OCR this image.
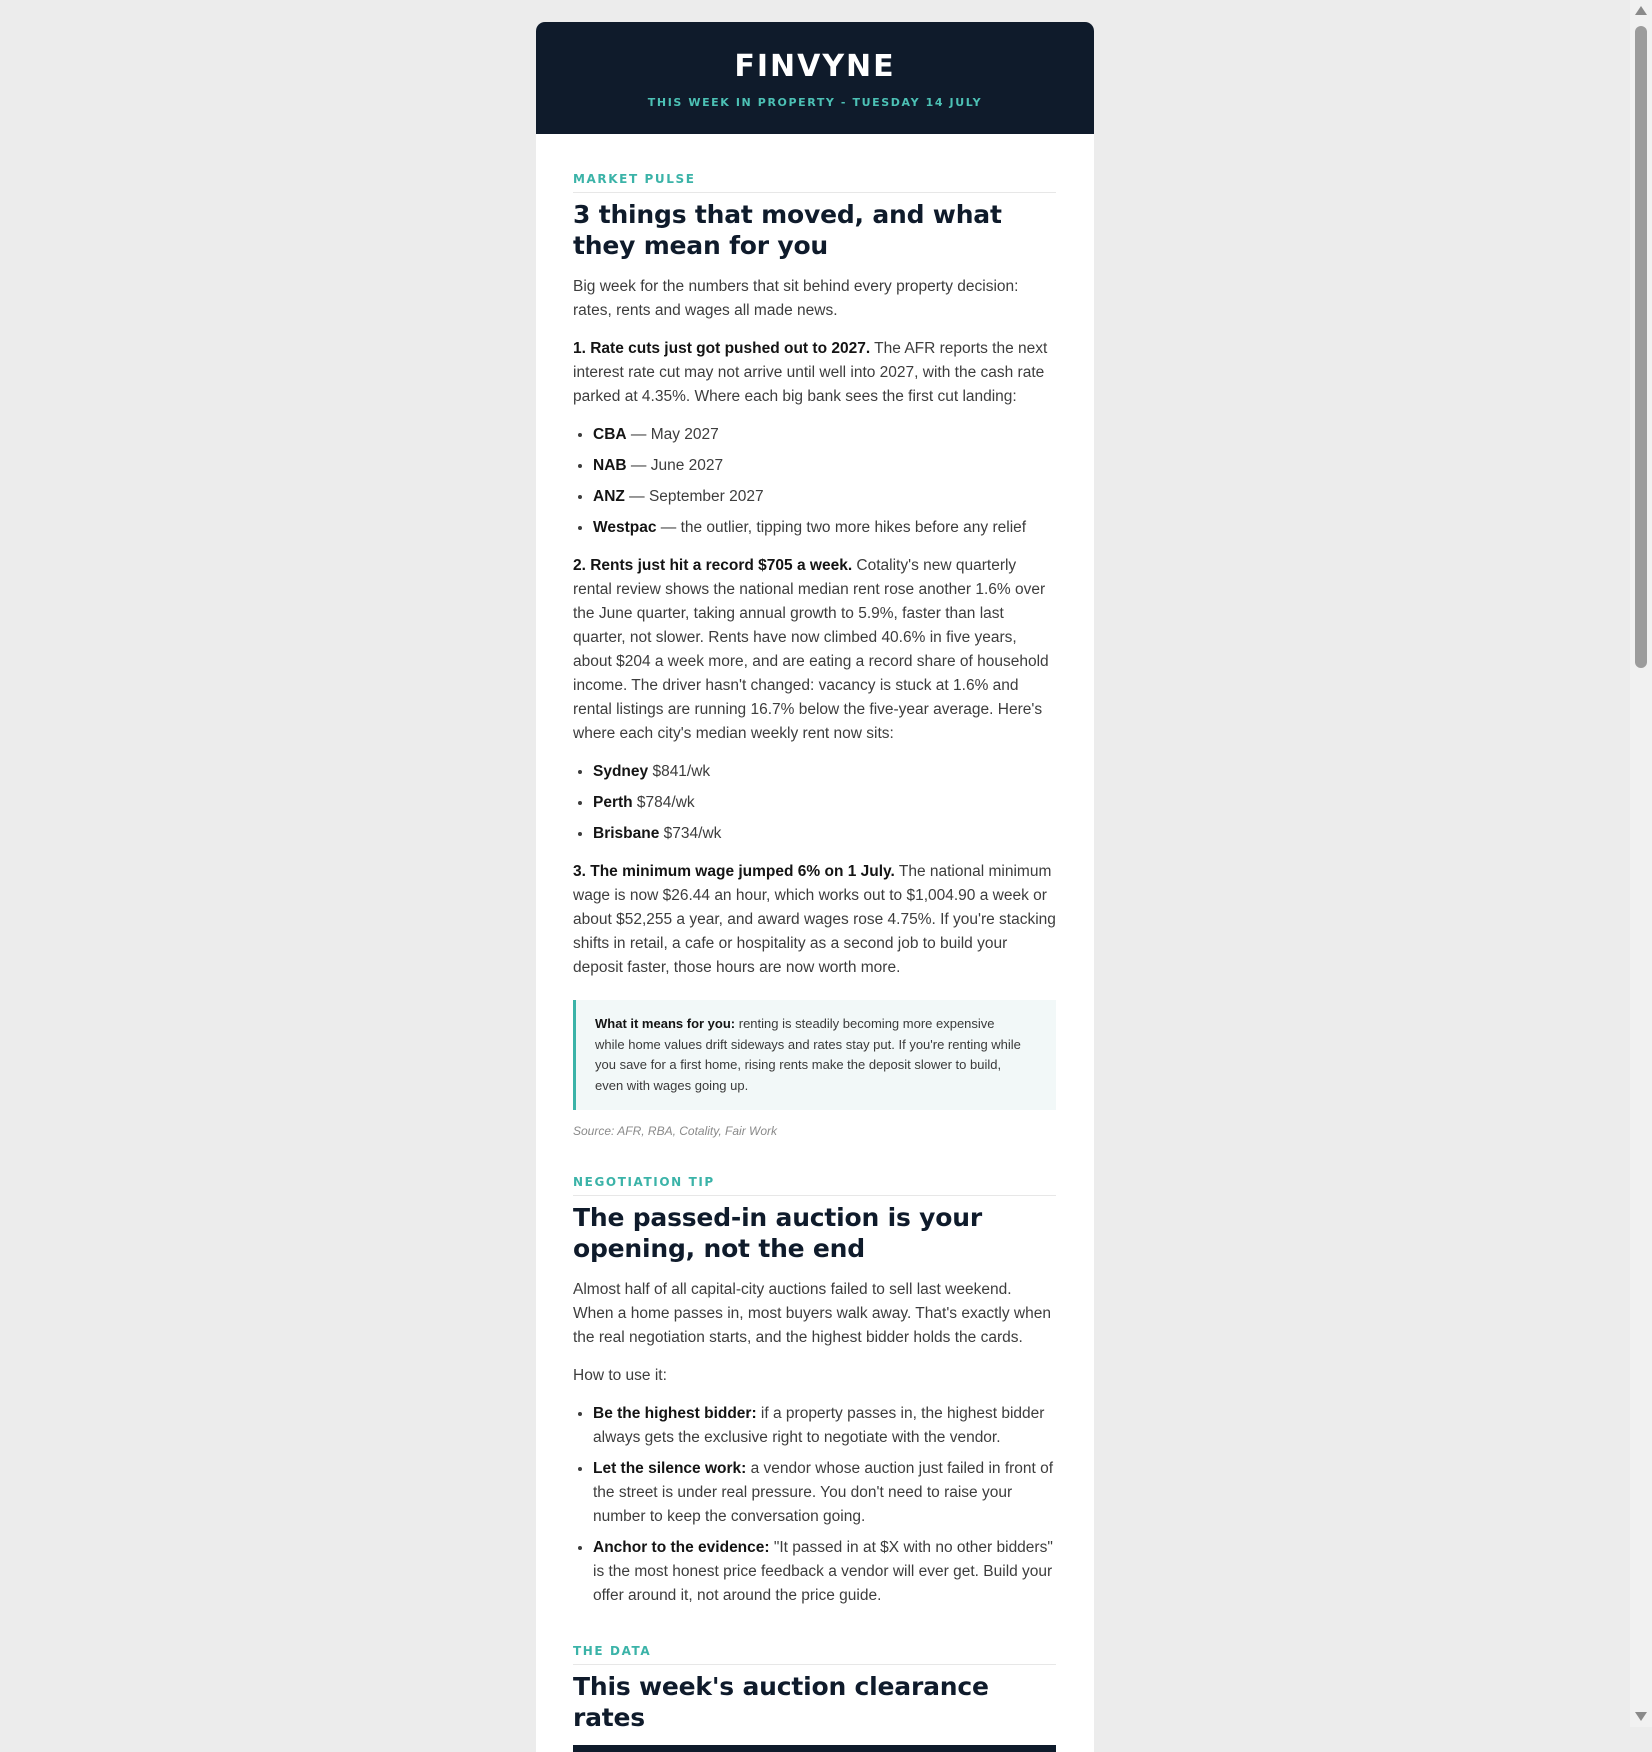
FINVYNE
THIS WEEK IN PROPERTY - TUESDAY 14 JULY
MARKET PULSE
3 things that moved, and what they mean for you

Big week for the numbers that sit behind every property decision: rates, rents and wages all made news.

1. Rate cuts just got pushed out to 2027. The AFR reports the next interest rate cut may not arrive until well into 2027, with the cash rate parked at 4.35%. Where each big bank sees the first cut landing:

• CBA — May 2027
• NAB — June 2027
• ANZ — September 2027
• Westpac — the outlier, tipping two more hikes before any relief

2. Rents just hit a record $705 a week. Cotality's new quarterly rental review shows the national median rent rose another 1.6% over the June quarter, taking annual growth to 5.9%, faster than last quarter, not slower. Rents have now climbed 40.6% in five years, about $204 a week more, and are eating a record share of household income. The driver hasn't changed: vacancy is stuck at 1.6% and rental listings are running 16.7% below the five-year average. Here's where each city's median weekly rent now sits:

• Sydney $841/wk
• Perth $784/wk
• Brisbane $734/wk

3. The minimum wage jumped 6% on 1 July. The national minimum wage is now $26.44 an hour, which works out to $1,004.90 a week or about $52,255 a year, and award wages rose 4.75%. If you're stacking shifts in retail, a cafe or hospitality as a second job to build your deposit faster, those hours are now worth more.

What it means for you: renting is steadily becoming more expensive while home values drift sideways and rates stay put. If you're renting while you save for a first home, rising rents make the deposit slower to build, even with wages going up.

Source: AFR, RBA, Cotality, Fair Work
NEGOTIATION TIP
The passed-in auction is your opening, not the end

Almost half of all capital-city auctions failed to sell last weekend. When a home passes in, most buyers walk away. That's exactly when the real negotiation starts, and the highest bidder holds the cards.

How to use it:

• Be the highest bidder: if a property passes in, the highest bidder always gets the exclusive right to negotiate with the vendor.
• Let the silence work: a vendor whose auction just failed in front of the street is under real pressure. You don't need to raise your number to keep the conversation going.
• Anchor to the evidence: "It passed in at $X with no other bidders" is the most honest price feedback a vendor will ever get. Build your offer around it, not around the price guide.
THE DATA
This week's auction clearance rates
